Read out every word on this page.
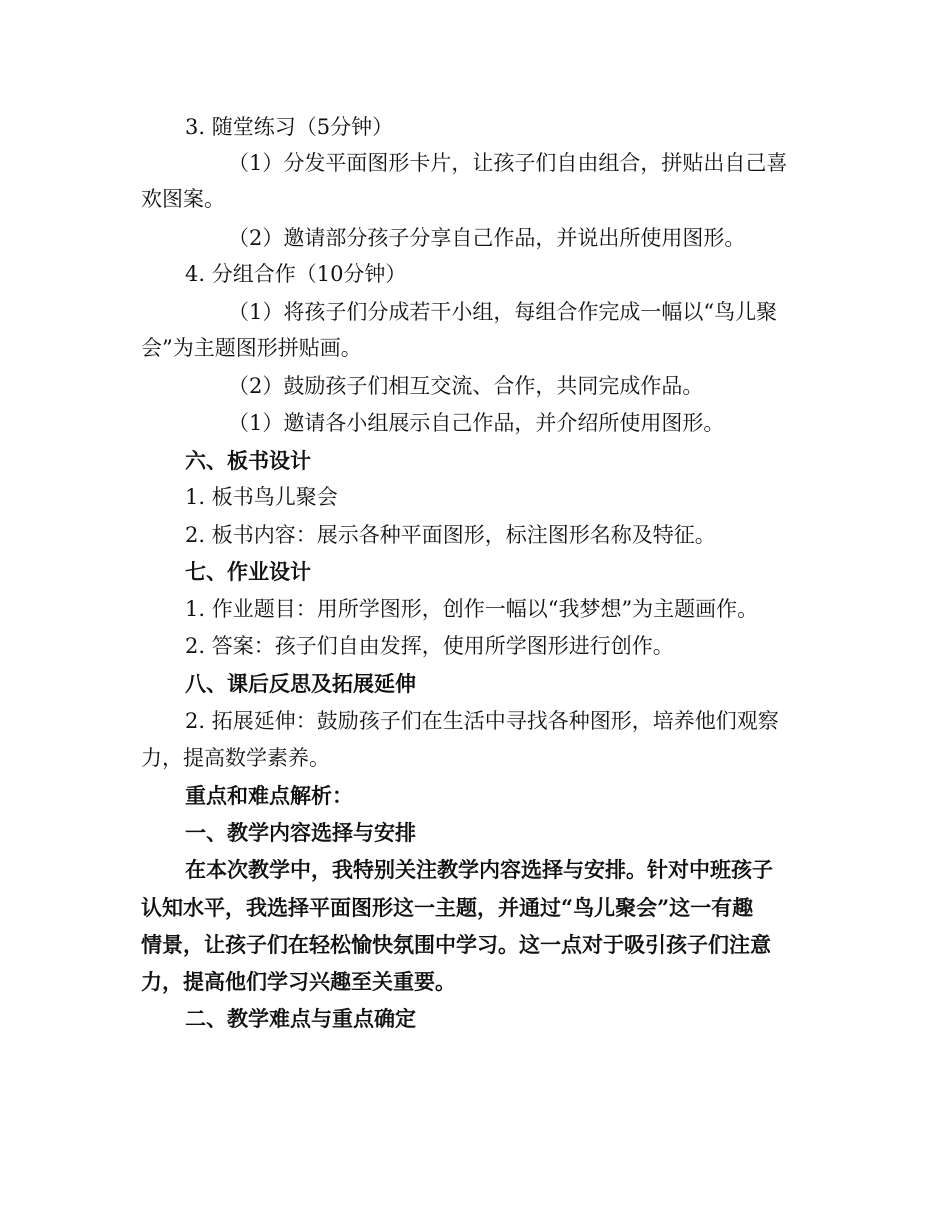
3. 随堂练习（5分钟）
（1）分发平面图形卡片，让孩子们自由组合，拼贴出自己喜
欢图案。
（2）邀请部分孩子分享自己作品，并说出所使用图形。
4. 分组合作（10分钟）
（1）将孩子们分成若干小组，每组合作完成一幅以“鸟儿聚
会”为主题图形拼贴画。
（2）鼓励孩子们相互交流、合作，共同完成作品。
（1）邀请各小组展示自己作品，并介绍所使用图形。
六、板书设计
1. 板书鸟儿聚会
2. 板书内容：展示各种平面图形，标注图形名称及特征。
七、作业设计
1. 作业题目：用所学图形，创作一幅以“我梦想”为主题画作。
2. 答案：孩子们自由发挥，使用所学图形进行创作。
八、课后反思及拓展延伸
2. 拓展延伸：鼓励孩子们在生活中寻找各种图形，培养他们观察
力，提高数学素养。
重点和难点解析：
一、教学内容选择与安排
在本次教学中，我特别关注教学内容选择与安排。针对中班孩子
认知水平，我选择平面图形这一主题，并通过“鸟儿聚会”这一有趣
情景，让孩子们在轻松愉快氛围中学习。这一点对于吸引孩子们注意
力，提高他们学习兴趣至关重要。
二、教学难点与重点确定
